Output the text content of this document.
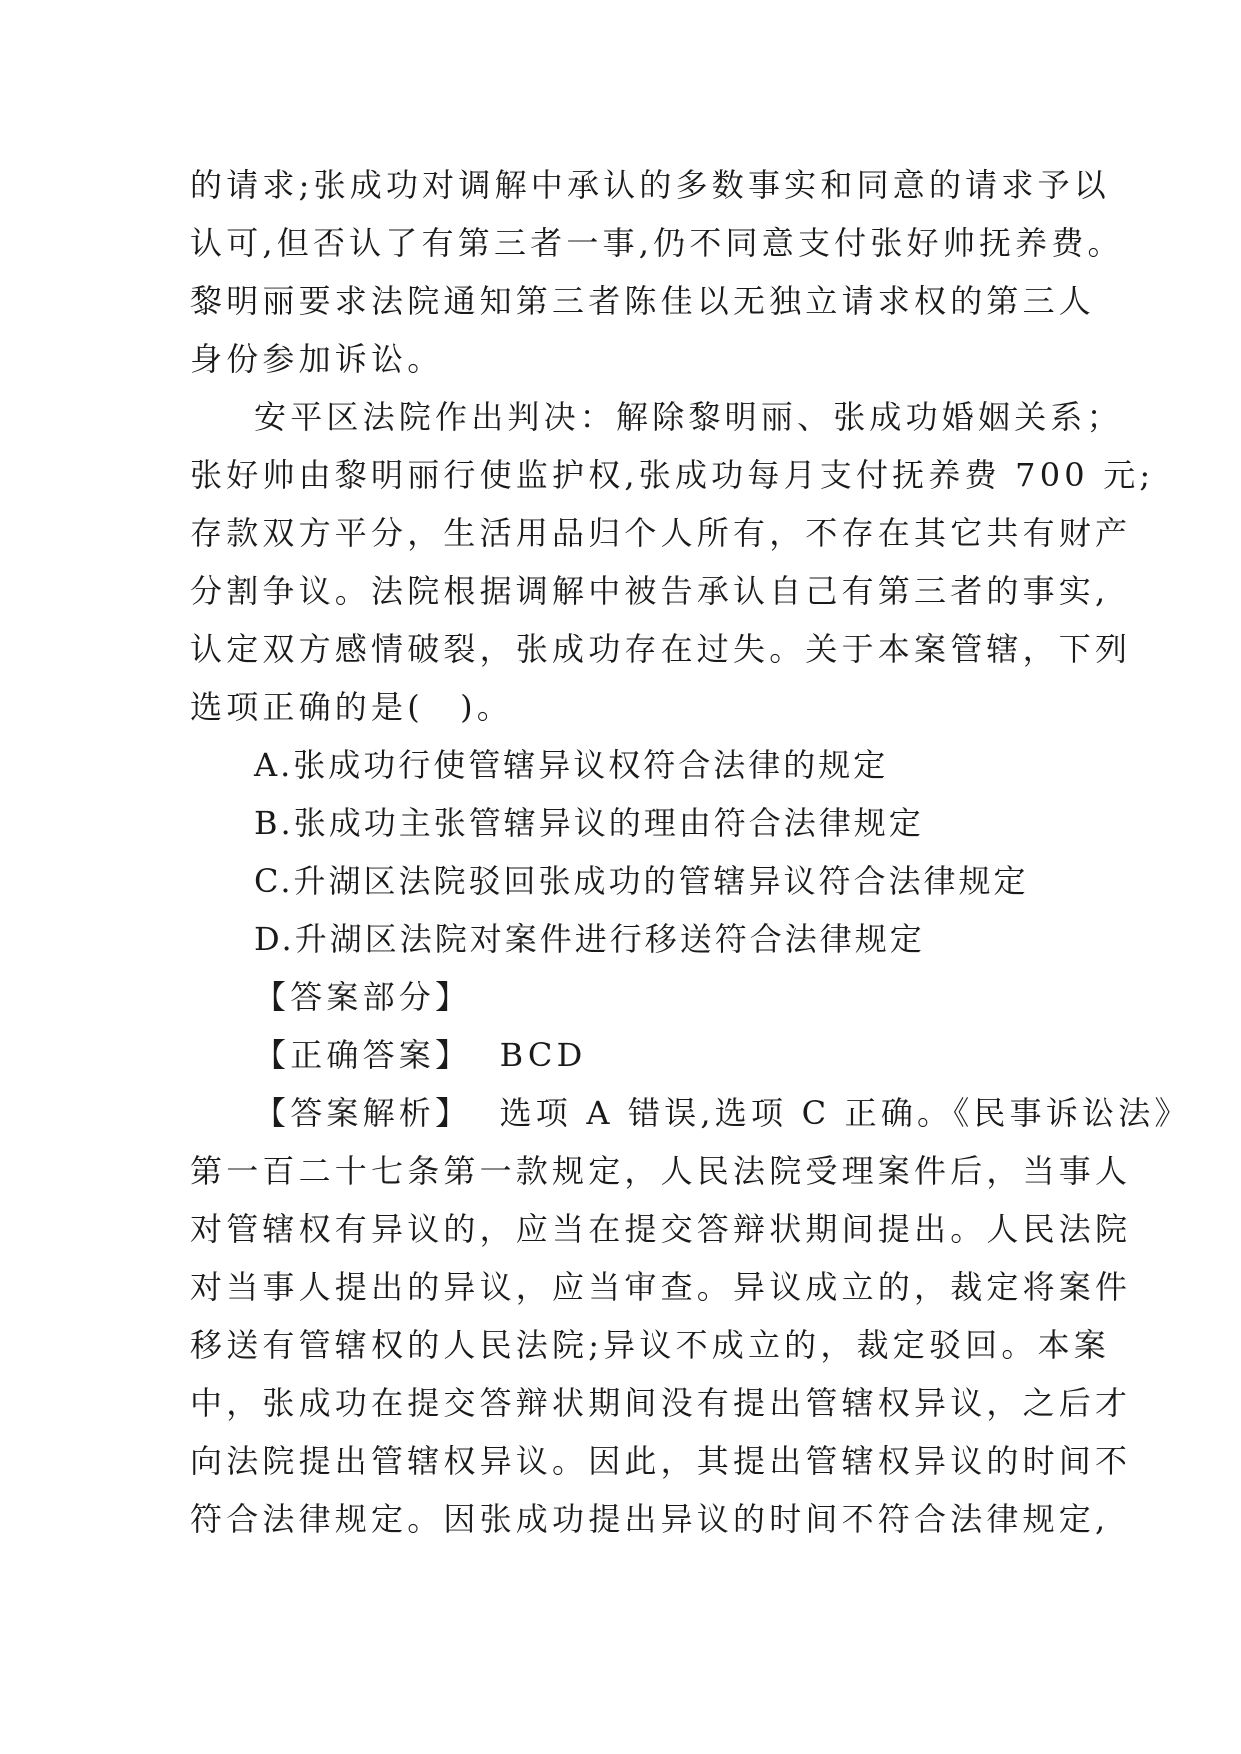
的请求;张成功对调解中承认的多数事实和同意的请求予以
认可,但否认了有第三者一事,仍不同意支付张好帅抚养费。
黎明丽要求法院通知第三者陈佳以无独立请求权的第三人
身份参加诉讼。
安平区法院作出判决：解除黎明丽、张成功婚姻关系；
张好帅由黎明丽行使监护权,张成功每月支付抚养费 700 元;
存款双方平分，生活用品归个人所有，不存在其它共有财产
分割争议。法院根据调解中被告承认自己有第三者的事实,
认定双方感情破裂，张成功存在过失。关于本案管辖，下列
选项正确的是(　)。
A.张成功行使管辖异议权符合法律的规定
B.张成功主张管辖异议的理由符合法律规定
C.升湖区法院驳回张成功的管辖异议符合法律规定
D.升湖区法院对案件进行移送符合法律规定
【答案部分】
【正确答案】 BCD
【答案解析】 选项 A 错误,选项 C 正确。《民事诉讼法》
第一百二十七条第一款规定，人民法院受理案件后，当事人
对管辖权有异议的，应当在提交答辩状期间提出。人民法院
对当事人提出的异议，应当审查。异议成立的，裁定将案件
移送有管辖权的人民法院;异议不成立的，裁定驳回。本案
中，张成功在提交答辩状期间没有提出管辖权异议，之后才
向法院提出管辖权异议。因此，其提出管辖权异议的时间不
符合法律规定。因张成功提出异议的时间不符合法律规定,
